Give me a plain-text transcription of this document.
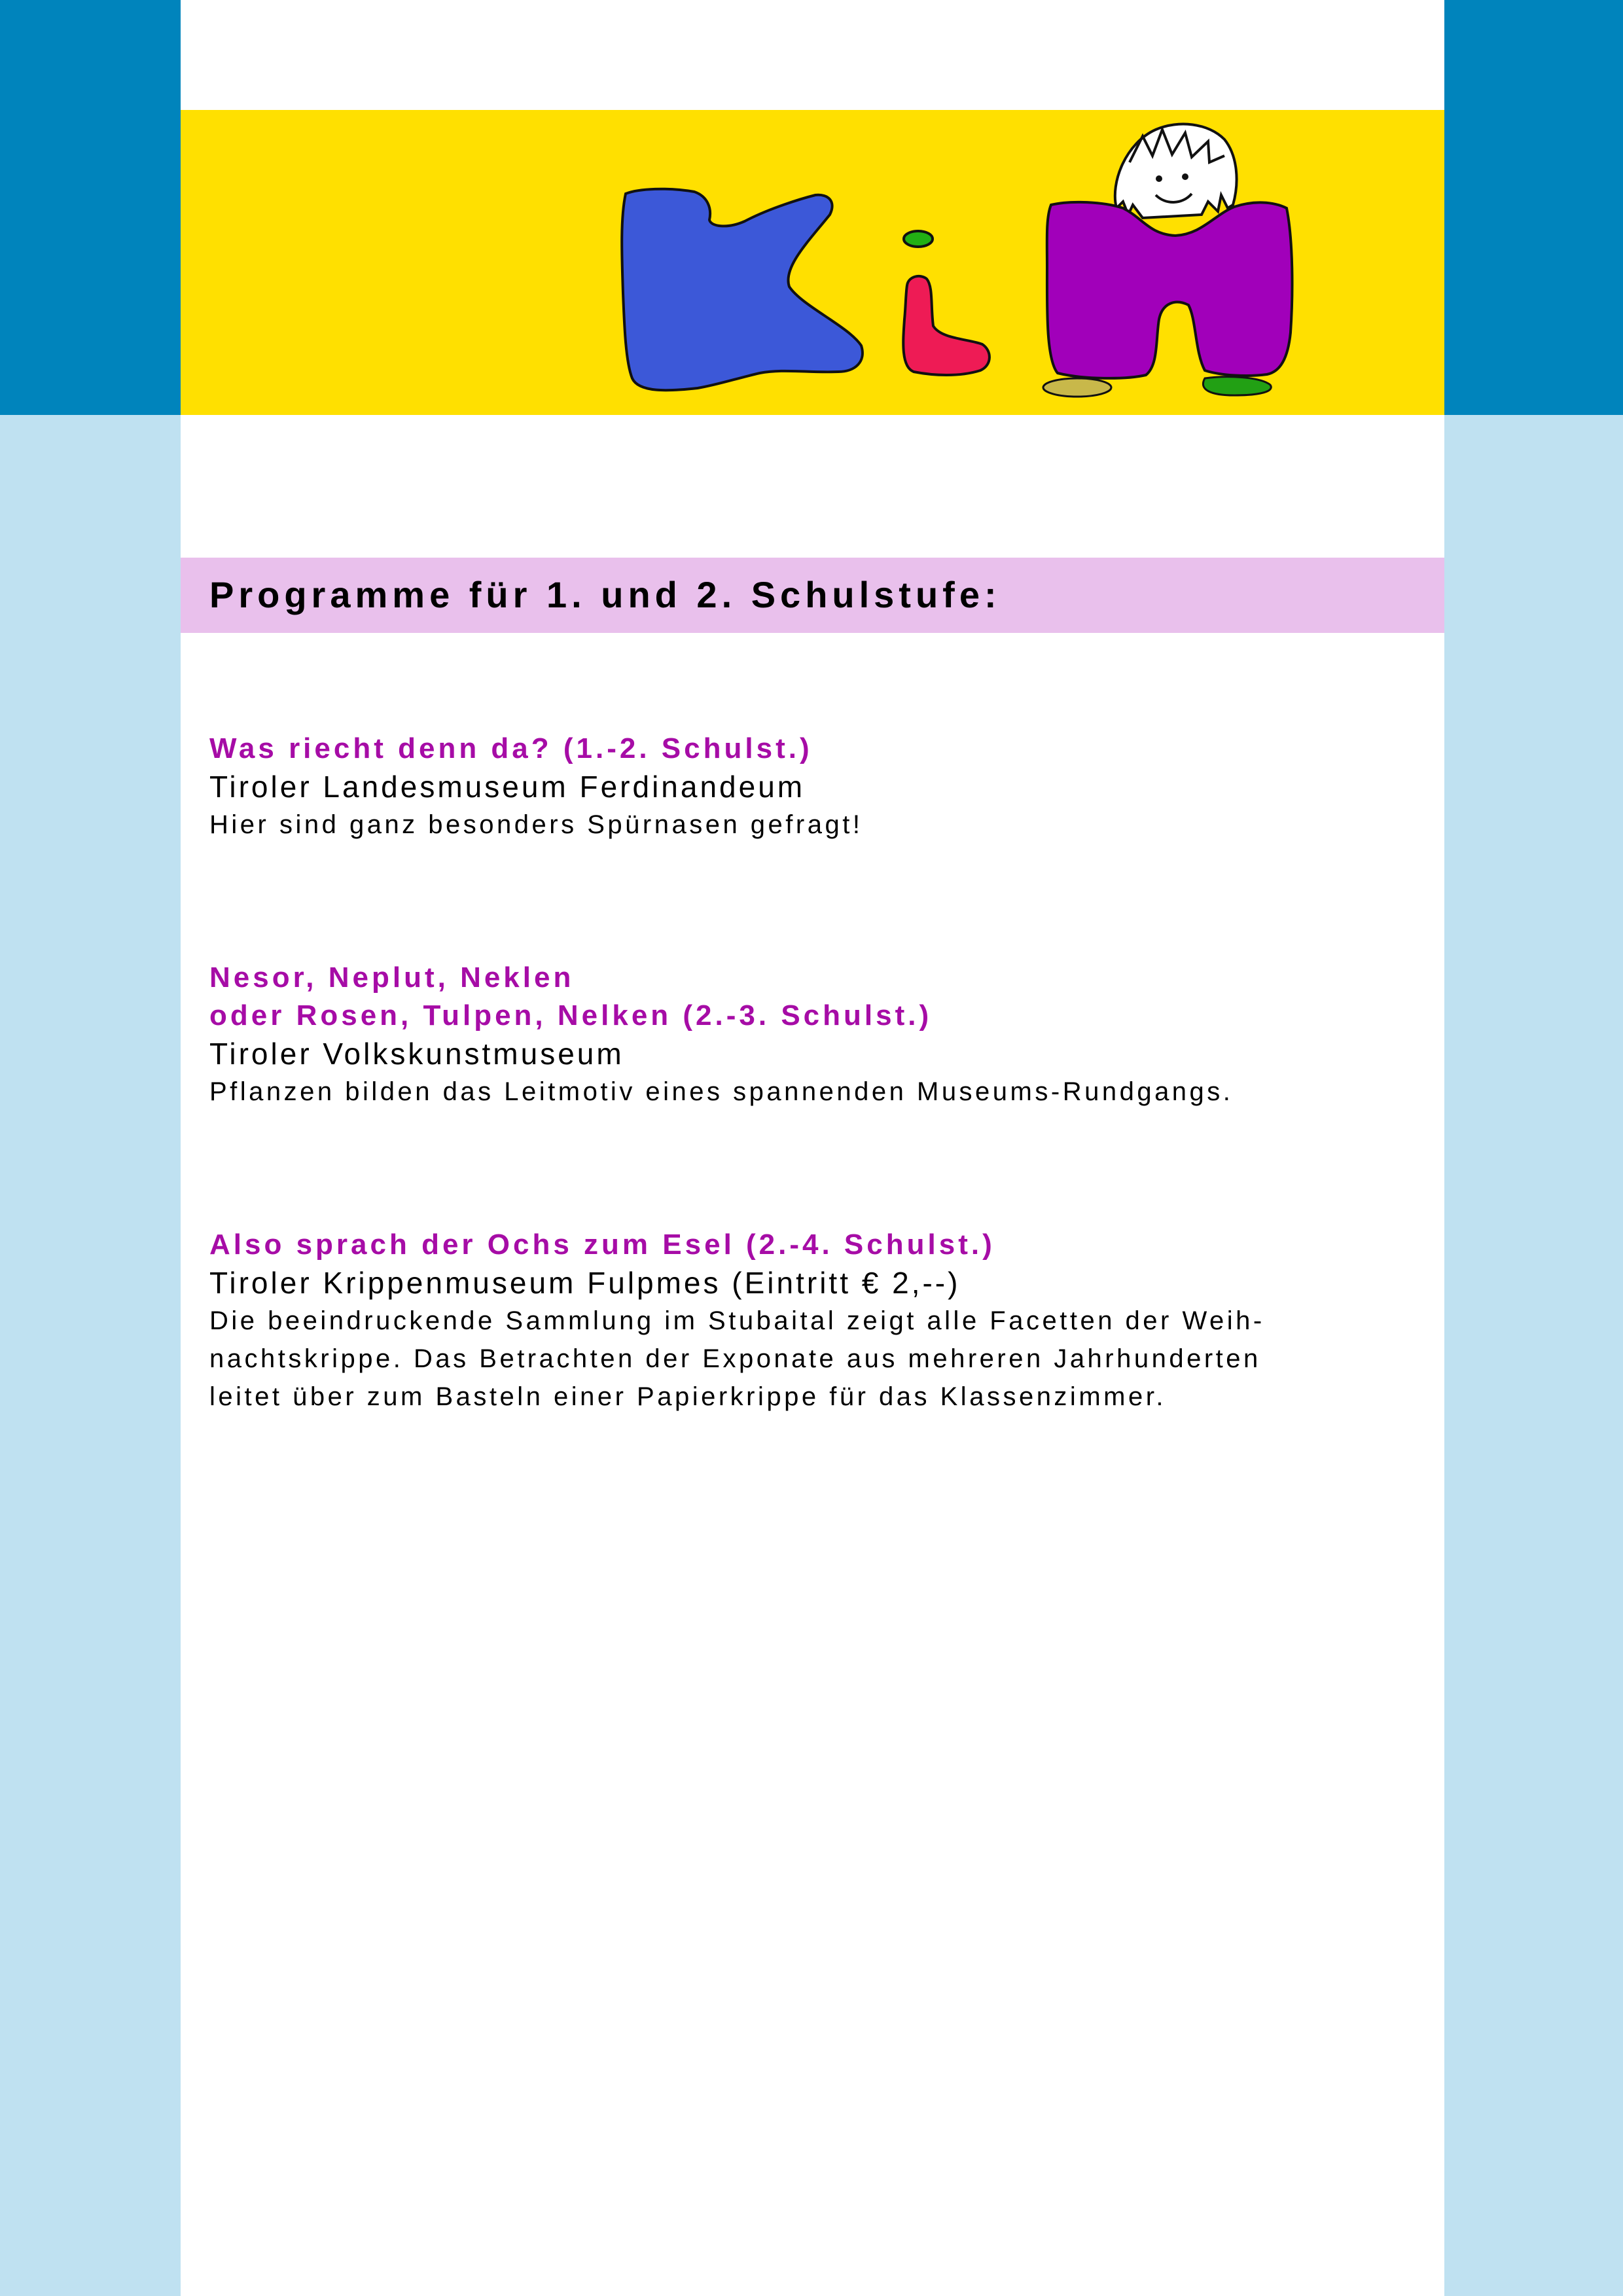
Programme für 1. und 2. Schulstufe:
Was riecht denn da? (1.-2. Schulst.)
Tiroler Landesmuseum Ferdinandeum
Hier sind ganz besonders Spürnasen gefragt!
Nesor, Neplut, Neklen
oder Rosen, Tulpen, Nelken (2.-3. Schulst.)
Tiroler Volkskunstmuseum
Pflanzen bilden das Leitmotiv eines spannenden Museums-Rundgangs.
Also sprach der Ochs zum Esel (2.-4. Schulst.)
Tiroler Krippenmuseum Fulpmes (Eintritt € 2,--)
Die beeindruckende Sammlung im Stubaital zeigt alle Facetten der Weih-
nachtskrippe. Das Betrachten der Exponate aus mehreren Jahrhunderten
leitet über zum Basteln einer Papierkrippe für das Klassenzimmer.
